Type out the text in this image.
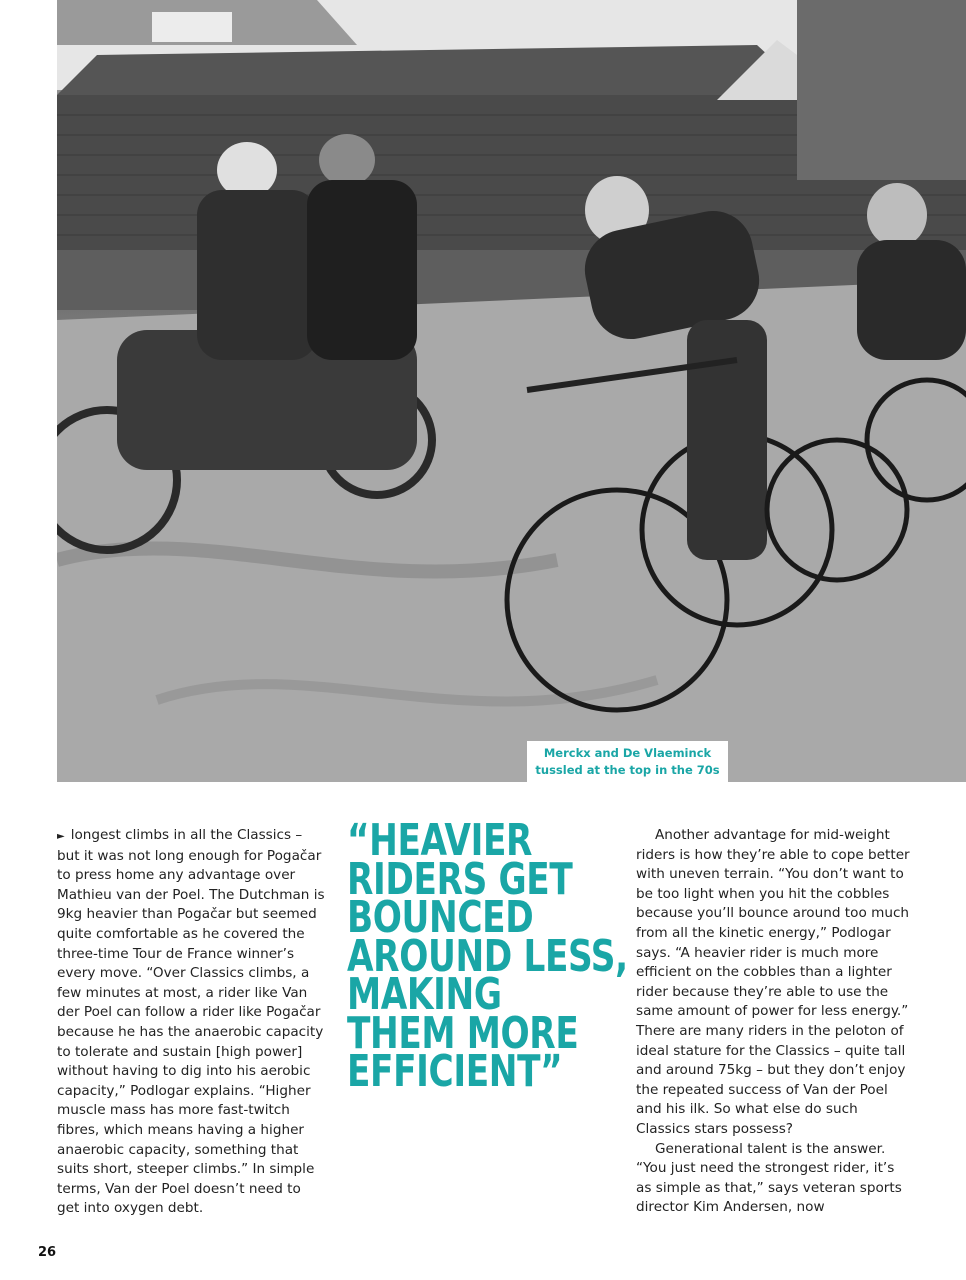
Merckx and De Vlaeminck
tussled at the top in the 70s

► longest climbs in all the Classics – but it was not long enough for Pogačar to press home any advantage over Mathieu van der Poel. The Dutchman is 9kg heavier than Pogačar but seemed quite comfortable as he covered the three-time Tour de France winner’s every move. “Over Classics climbs, a few minutes at most, a rider like Van der Poel can follow a rider like Pogačar because he has the anaerobic capacity to tolerate and sustain [high power] without having to dig into his aerobic capacity,” Podlogar explains. “Higher muscle mass has more fast-twitch fibres, which means having a higher anaerobic capacity, something that suits short, steeper climbs.” In simple terms, Van der Poel doesn’t need to get into oxygen debt.

“HEAVIER
RIDERS GET
BOUNCED
AROUND LESS,
MAKING
THEM MORE
EFFICIENT”

Another advantage for mid-weight riders is how they’re able to cope better with uneven terrain. “You don’t want to be too light when you hit the cobbles because you’ll bounce around too much from all the kinetic energy,” Podlogar says. “A heavier rider is much more efficient on the cobbles than a lighter rider because they’re able to use the same amount of power for less energy.” There are many riders in the peloton of ideal stature for the Classics – quite tall and around 75kg – but they don’t enjoy the repeated success of Van der Poel and his ilk. So what else do such Classics stars possess?

Generational talent is the answer. “You just need the strongest rider, it’s as simple as that,” says veteran sports director Kim Andersen, now

26
